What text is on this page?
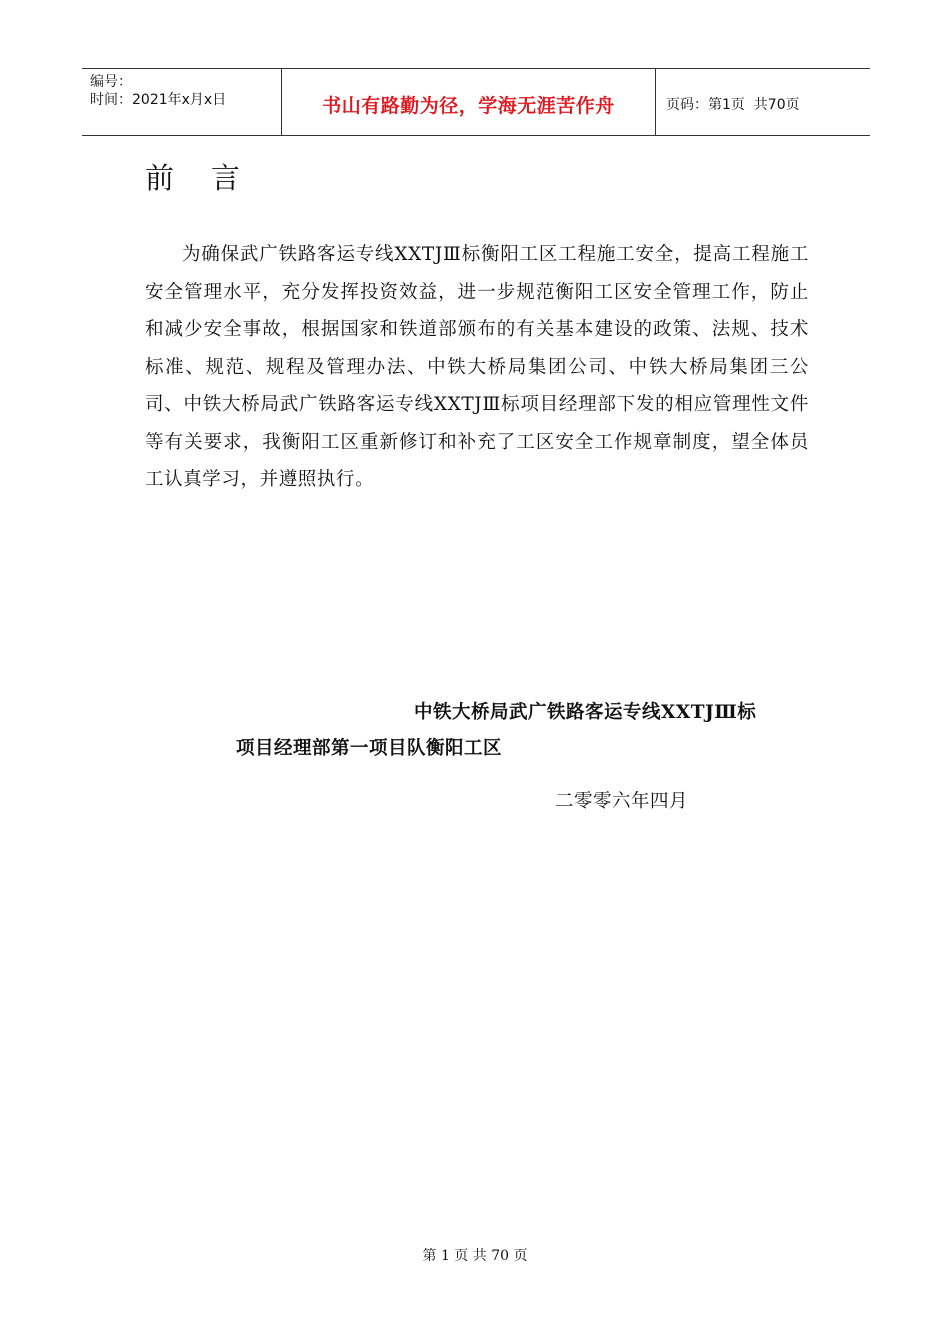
编号：
时间：2021年x月x日	书山有路勤为径，学海无涯苦作舟	页码：第1页  共70页
前    言

为确保武广铁路客运专线XXTJⅢ标衡阳工区工程施工安全，提高工程施工安全管理水平，充分发挥投资效益，进一步规范衡阳工区安全管理工作，防止和减少安全事故，根据国家和铁道部颁布的有关基本建设的政策、法规、技术标准、规范、规程及管理办法、中铁大桥局集团公司、中铁大桥局集团三公司、中铁大桥局武广铁路客运专线XXTJⅢ标项目经理部下发的相应管理性文件等有关要求，我衡阳工区重新修订和补充了工区安全工作规章制度，望全体员工认真学习，并遵照执行。

中铁大桥局武广铁路客运专线XXTJⅢ标
项目经理部第一项目队衡阳工区
二零零六年四月
第 1 页 共 70 页
